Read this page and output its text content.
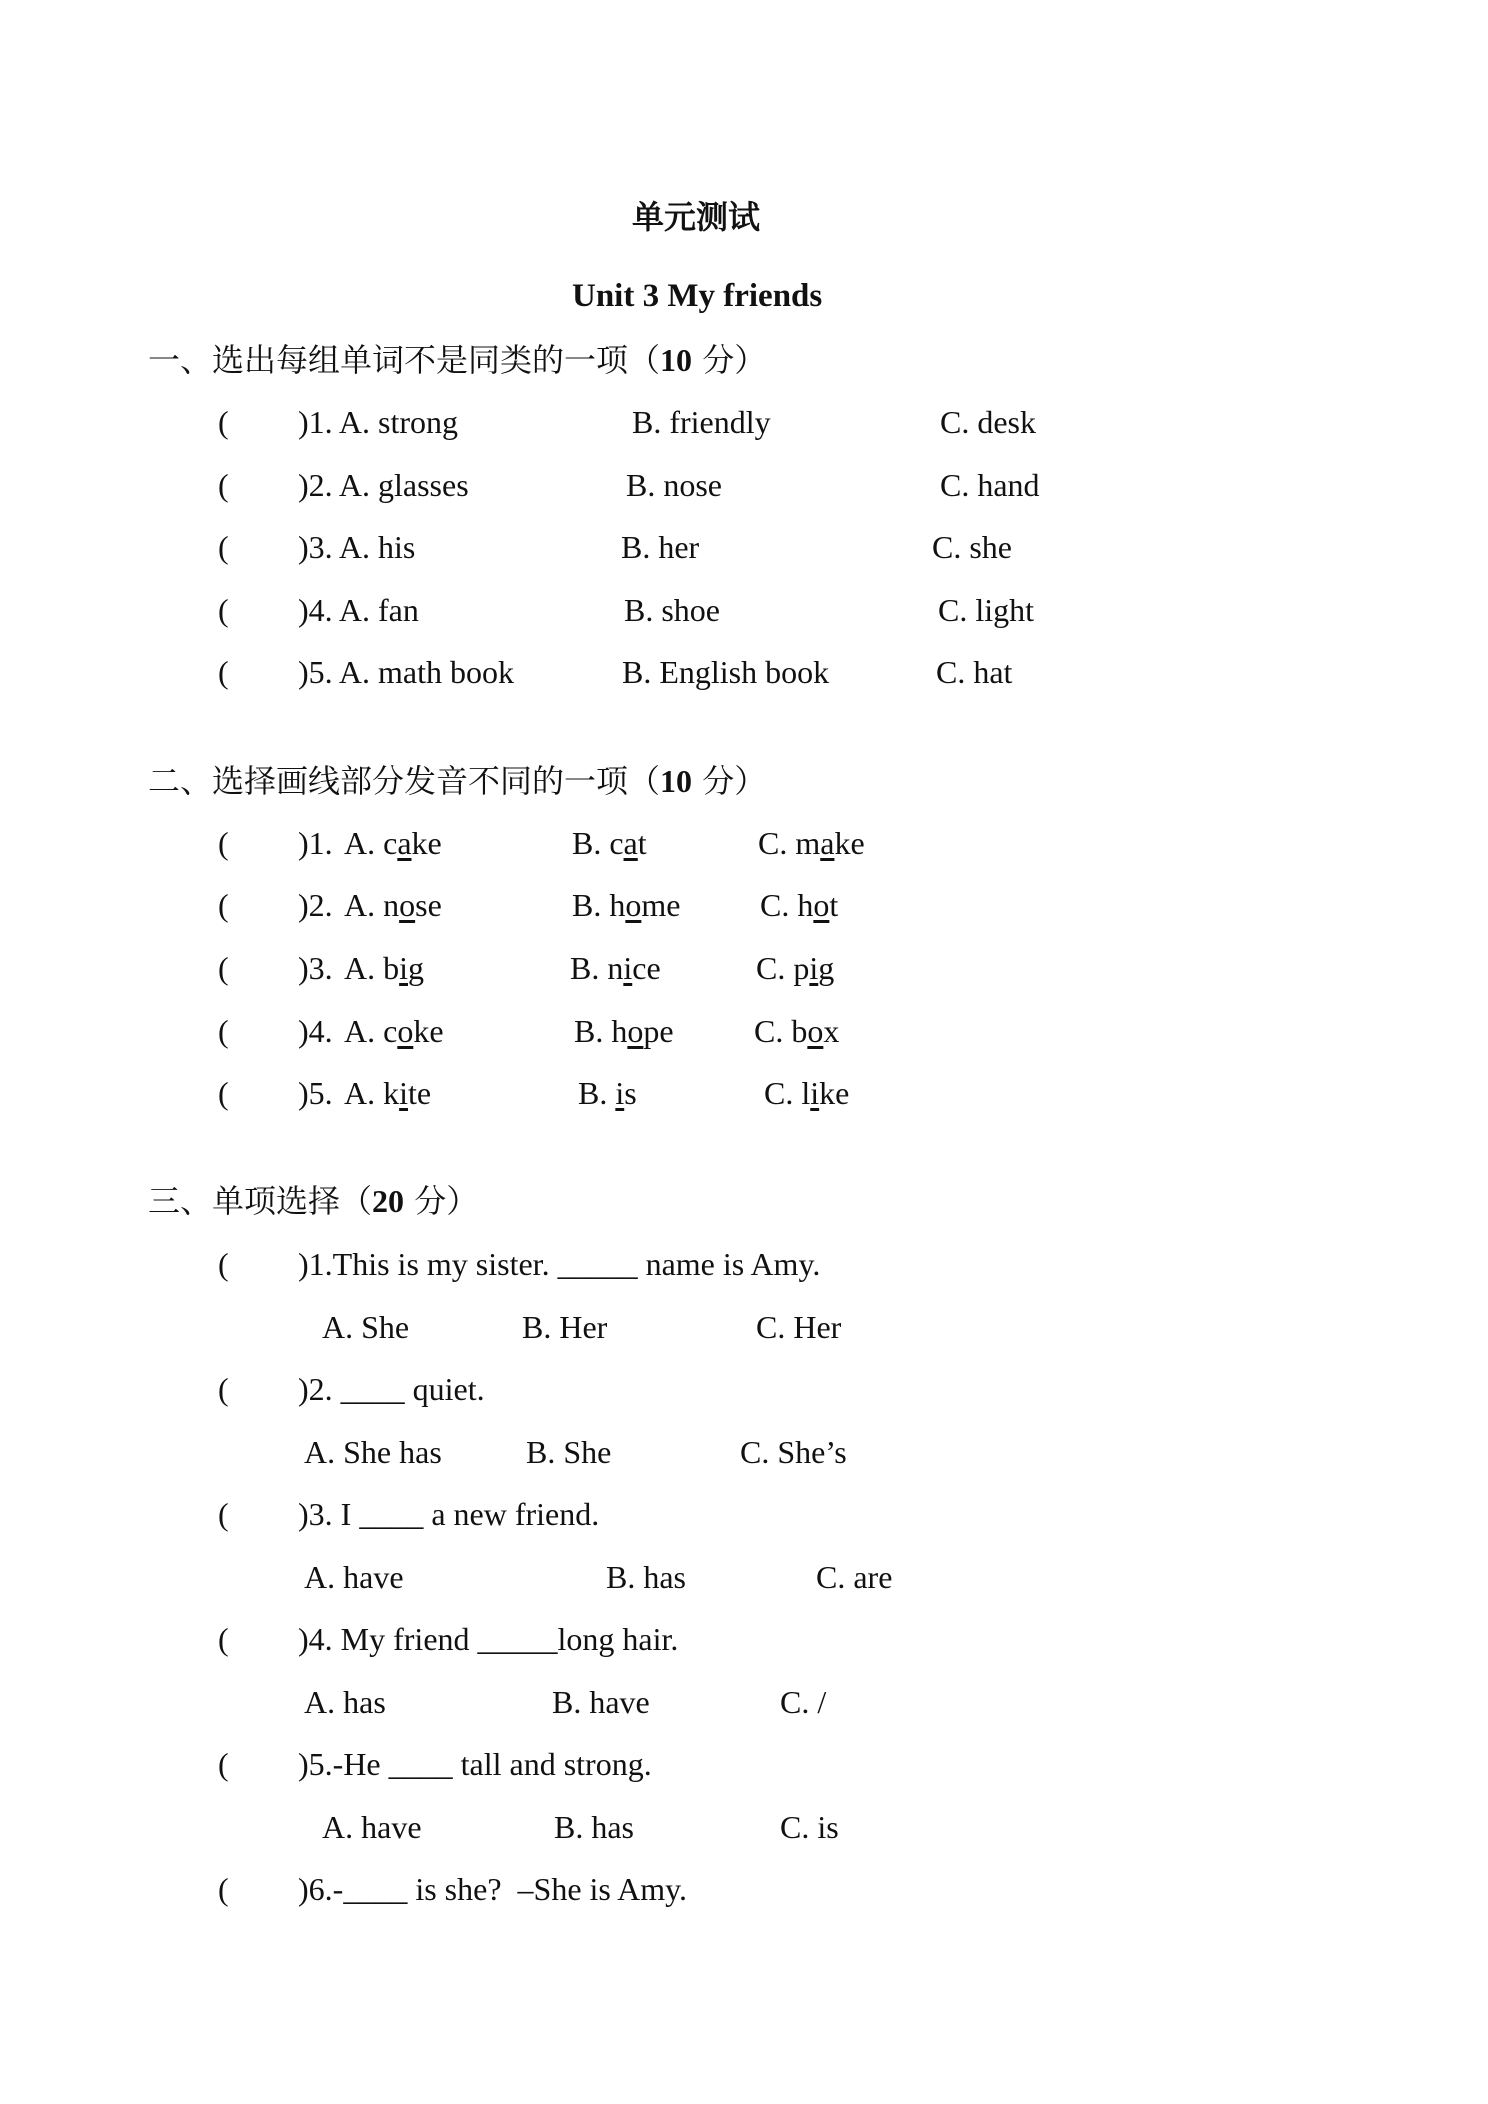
单元测试
Unit 3 My friends
一、选出每组单词不是同类的一项（10 分）
( )1. A. strong	B. friendly	C. desk
( )2. A. glasses	B. nose	C. hand
( )3. A. his	B. her	C. she
( )4. A. fan	B. shoe	C. light
( )5. A. math book	B. English book	C. hat
二、选择画线部分发音不同的一项（10 分）
( )1. A. cake	B. cat	C. make
( )2. A. nose	B. home C. hot
( )3. A. big	B. nice	C. pig
( )4. A. coke	B. hope	C. box
( )5. A. kite	B. is	C. like
三、单项选择（20 分）
( )1.This is my sister. _____ name is Amy.
A. She	B. Her	C. Her
( )2. ____ quiet.
A. She has	B. She	C. She’s
( )3. I ____ a new friend.
A. have	B. has	C. are
( )4. My friend _____long hair.
A. has	B. have	C. /
( )5.-He ____ tall and strong.
A. have	B. has	C. is
( )6.-____ is she?  –She is Amy.
